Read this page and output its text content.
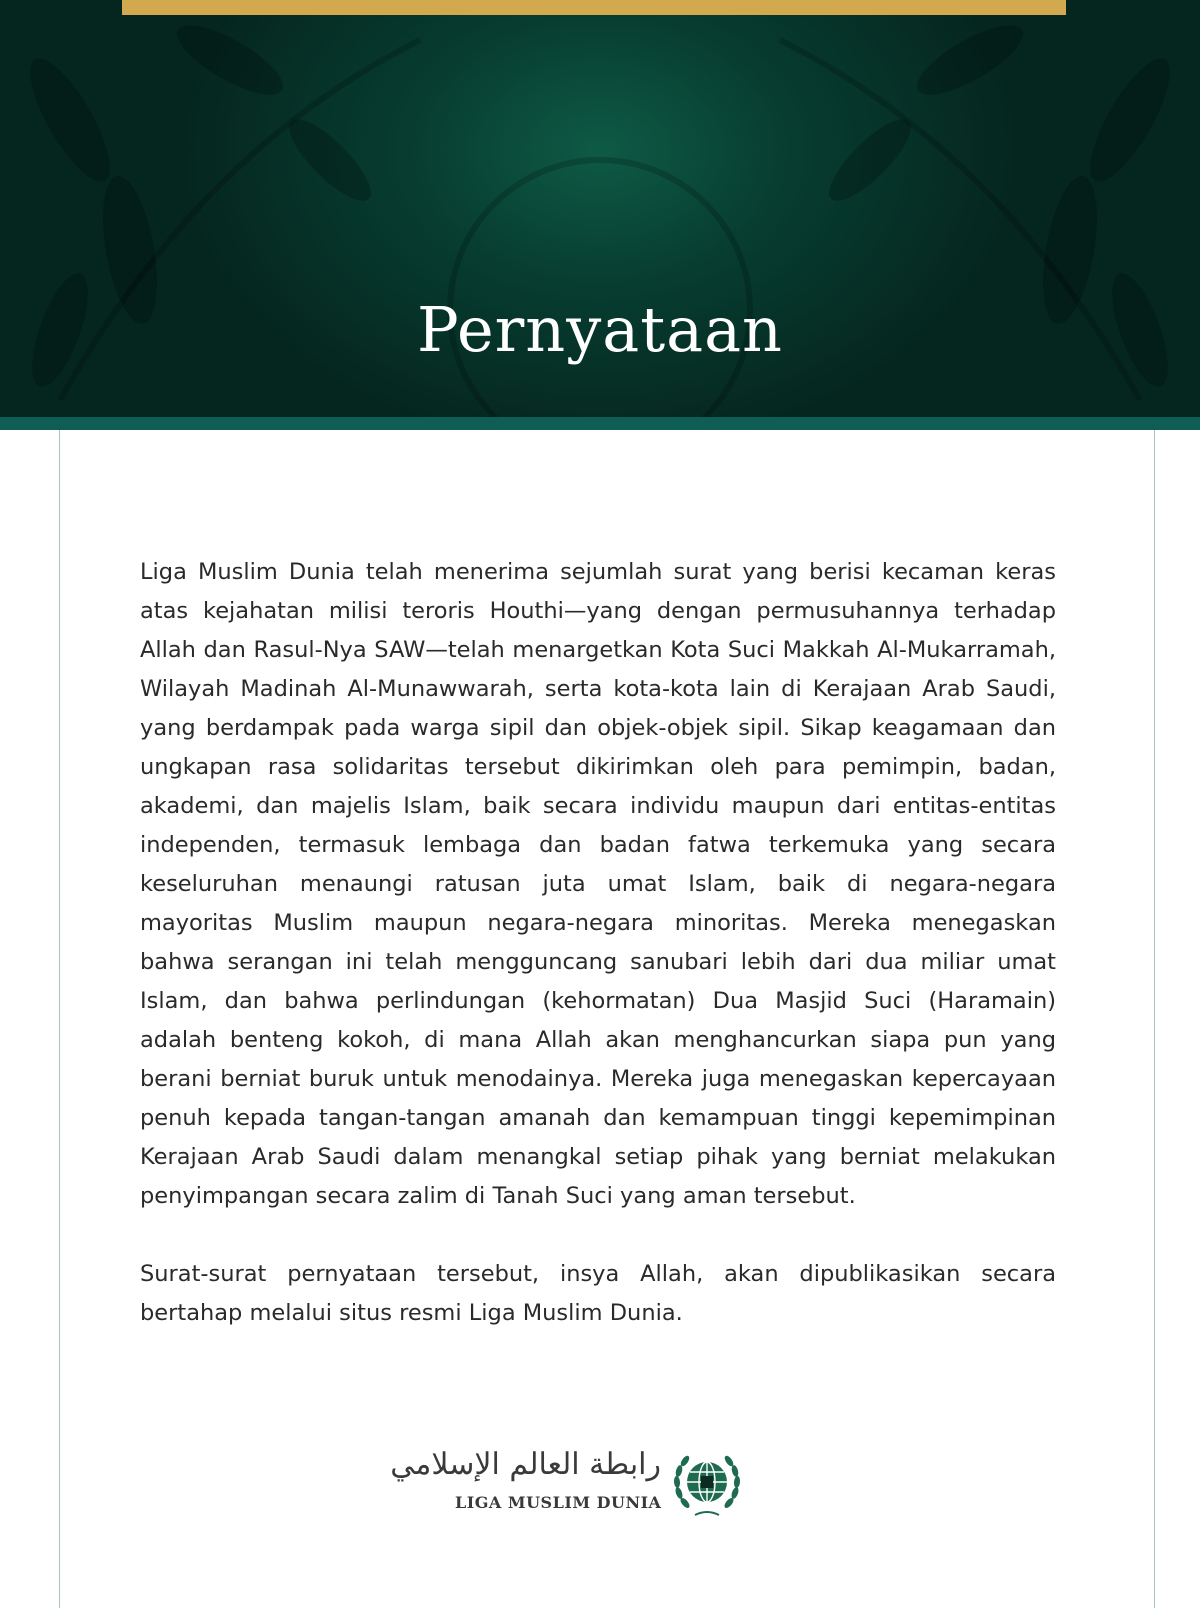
Pernyataan

Liga Muslim Dunia telah menerima sejumlah surat yang berisi kecaman keras atas kejahatan milisi teroris Houthi—yang dengan permusuhannya terhadap Allah dan Rasul-Nya SAW—telah menargetkan Kota Suci Makkah Al-Mukarramah, Wilayah Madinah Al-Munawwarah, serta kota-kota lain di Kerajaan Arab Saudi, yang berdampak pada warga sipil dan objek-objek sipil. Sikap keagamaan dan ungkapan rasa solidaritas tersebut dikirimkan oleh para pemimpin, badan, akademi, dan majelis Islam, baik secara individu maupun dari entitas-entitas independen, termasuk lembaga dan badan fatwa terkemuka yang secara keseluruhan menaungi ratusan juta umat Islam, baik di negara-negara mayoritas Muslim maupun negara-negara minoritas. Mereka menegaskan bahwa serangan ini telah mengguncang sanubari lebih dari dua miliar umat Islam, dan bahwa perlindungan (kehormatan) Dua Masjid Suci (Haramain) adalah benteng kokoh, di mana Allah akan menghancurkan siapa pun yang berani berniat buruk untuk menodainya. Mereka juga menegaskan kepercayaan penuh kepada tangan-tangan amanah dan kemampuan tinggi kepemimpinan Kerajaan Arab Saudi dalam menangkal setiap pihak yang berniat melakukan penyimpangan secara zalim di Tanah Suci yang aman tersebut.

Surat-surat pernyataan tersebut, insya Allah, akan dipublikasikan secara bertahap melalui situs resmi Liga Muslim Dunia.

رابطة العالم الإسلامي
LIGA MUSLIM DUNIA
